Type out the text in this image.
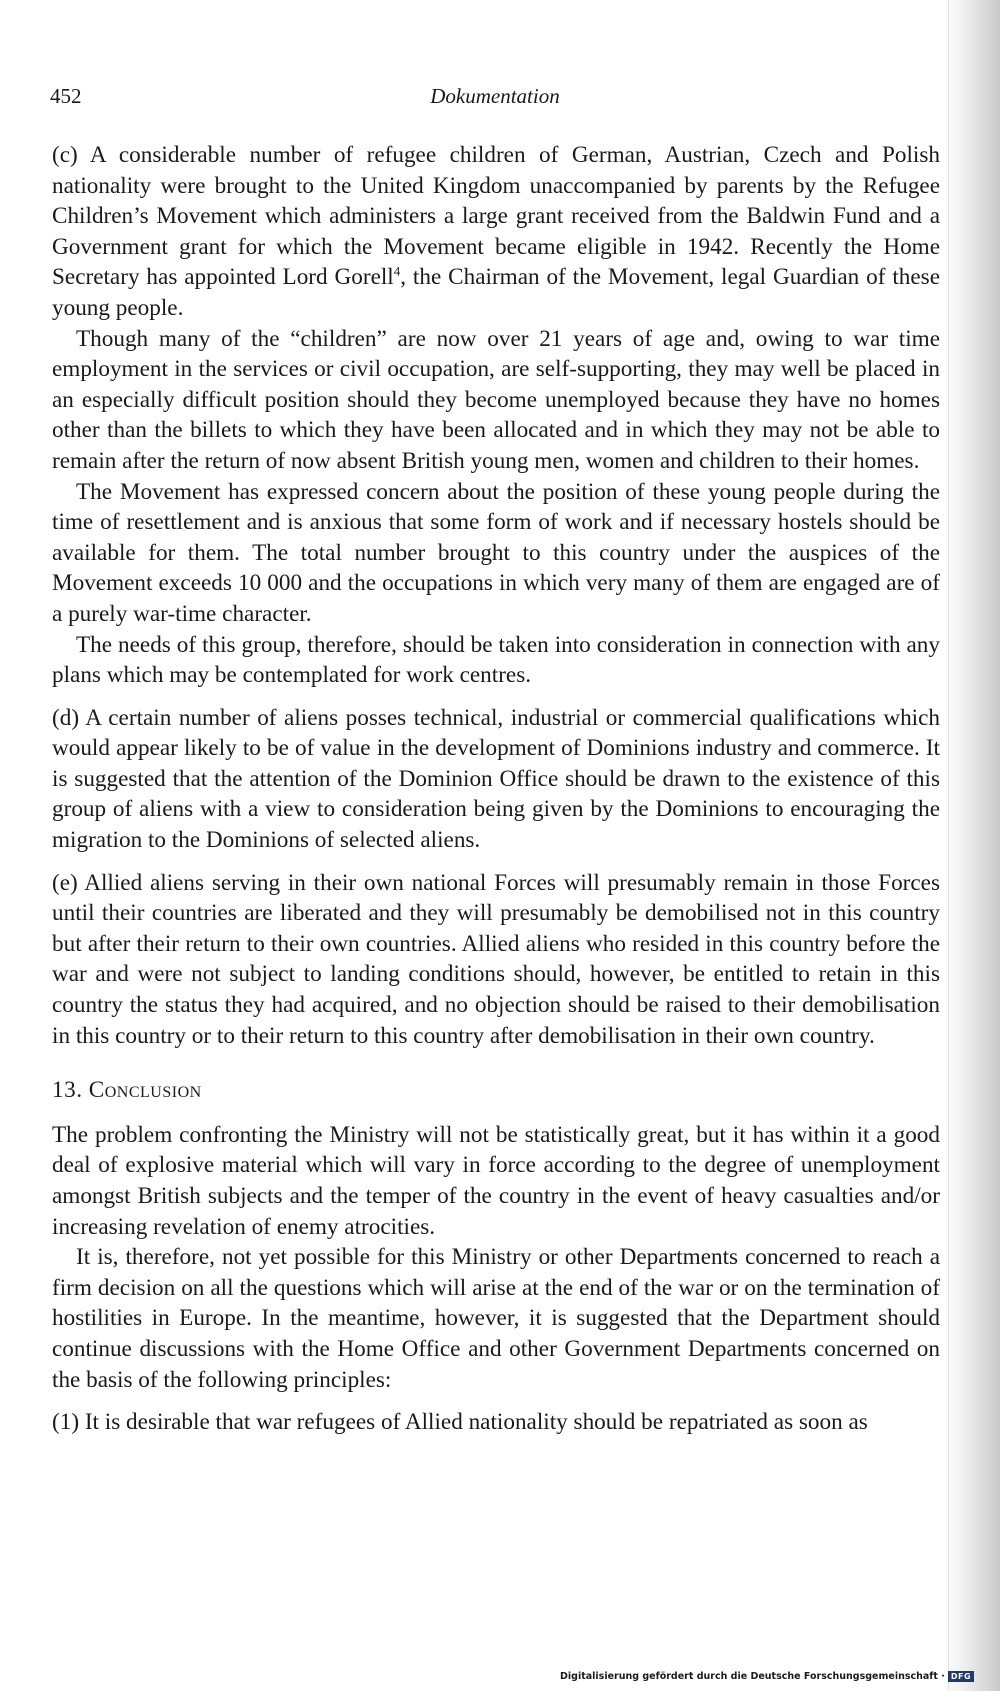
452	Dokumentation

(c) A considerable number of refugee children of German, Austrian, Czech and Polish nationality were brought to the United Kingdom unaccompanied by parents by the Refugee Children’s Movement which administers a large grant received from the Baldwin Fund and a Government grant for which the Movement became eligible in 1942. Recently the Home Secretary has appointed Lord Gorell$^4$, the Chairman of the Movement, legal Guardian of these young people.

Though many of the “children” are now over 21 years of age and, owing to war time employment in the services or civil occupation, are self-supporting, they may well be placed in an especially difficult position should they become unemployed because they have no homes other than the billets to which they have been allocated and in which they may not be able to remain after the return of now absent British young men, women and children to their homes.

The Movement has expressed concern about the position of these young people during the time of resettlement and is anxious that some form of work and if necessary hostels should be available for them. The total number brought to this country under the auspices of the Movement exceeds 10 000 and the occupations in which very many of them are engaged are of a purely war-time character.

The needs of this group, therefore, should be taken into consideration in connection with any plans which may be contemplated for work centres.

(d) A certain number of aliens posses technical, industrial or commercial qualifications which would appear likely to be of value in the development of Dominions industry and commerce. It is suggested that the attention of the Dominion Office should be drawn to the existence of this group of aliens with a view to consideration being given by the Dominions to encouraging the migration to the Dominions of selected aliens.

(e) Allied aliens serving in their own national Forces will presumably remain in those Forces until their countries are liberated and they will presumably be demobilised not in this country but after their return to their own countries. Allied aliens who resided in this country before the war and were not subject to landing conditions should, however, be entitled to retain in this country the status they had acquired, and no objection should be raised to their demobilisation in this country or to their return to this country after demobilisation in their own country.

13. Conclusion

The problem confronting the Ministry will not be statistically great, but it has within it a good deal of explosive material which will vary in force according to the degree of unemployment amongst British subjects and the temper of the country in the event of heavy casualties and/or increasing revelation of enemy atrocities.

It is, therefore, not yet possible for this Ministry or other Departments concerned to reach a firm decision on all the questions which will arise at the end of the war or on the termination of hostilities in Europe. In the meantime, however, it is suggested that the Department should continue discussions with the Home Office and other Government Departments concerned on the basis of the following principles:

(1) It is desirable that war refugees of Allied nationality should be repatriated as soon as

Digitalisierung gefördert durch die Deutsche Forschungsgemeinschaft · DFG
